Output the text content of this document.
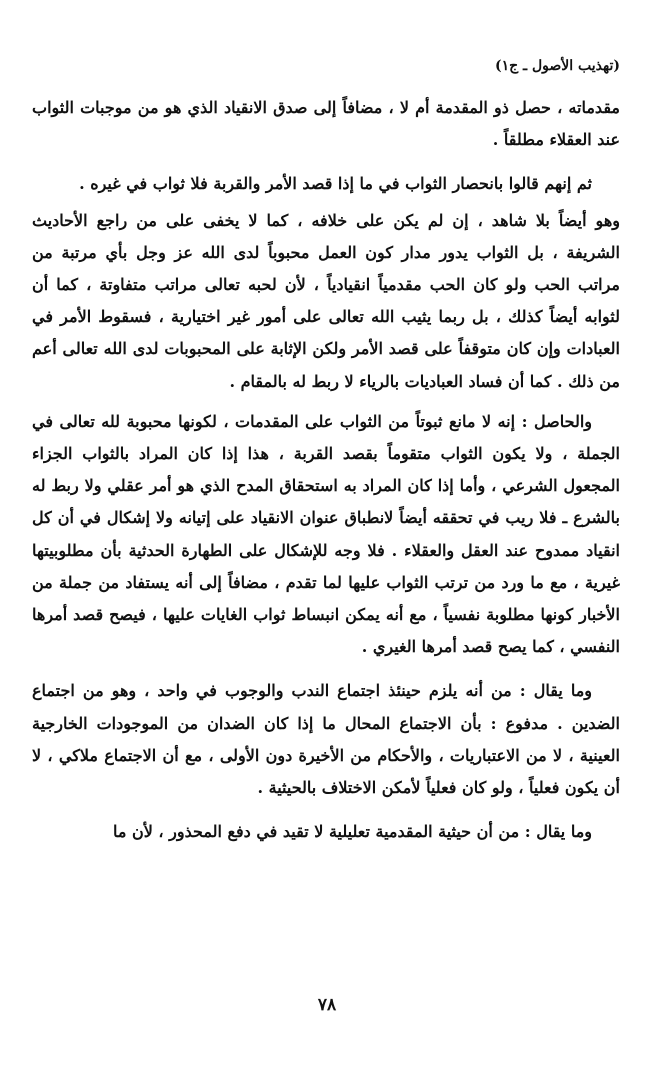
(تهذيب الأصول ـ ج١)

مقدماته ، حصل ذو المقدمة أم لا ، مضافاً إلى صدق الانقياد الذي هو من موجبات الثواب عند العقلاء مطلقاً .

ثم إنهم قالوا بانحصار الثواب في ما إذا قصد الأمر والقربة فلا ثواب في غيره .

وهو أيضاً بلا شاهد ، إن لم يكن على خلافه ، كما لا يخفى على من راجع الأحاديث الشريفة ، بل الثواب يدور مدار كون العمل محبوباً لدى الله عز وجل بأي مرتبة من مراتب الحب ولو كان الحب مقدمياً انقيادياً ، لأن لحبه تعالى مراتب متفاوتة ، كما أن لثوابه أيضاً كذلك ، بل ربما يثيب الله تعالى على أمور غير اختيارية ، فسقوط الأمر في العبادات وإن كان متوقفاً على قصد الأمر ولكن الإثابة على المحبوبات لدى الله تعالى أعم من ذلك . كما أن فساد العباديات بالرياء لا ربط له بالمقام .

والحاصل : إنه لا مانع ثبوتاً من الثواب على المقدمات ، لكونها محبوبة لله تعالى في الجملة ، ولا يكون الثواب متقوماً بقصد القربة ، هذا إذا كان المراد بالثواب الجزاء المجعول الشرعي ، وأما إذا كان المراد به استحقاق المدح الذي هو أمر عقلي ولا ربط له بالشرع ـ فلا ريب في تحققه أيضاً لانطباق عنوان الانقياد على إتيانه ولا إشكال في أن كل انقياد ممدوح عند العقل والعقلاء . فلا وجه للإشكال على الطهارة الحدثية بأن مطلوبيتها غيرية ، مع ما ورد من ترتب الثواب عليها لما تقدم ، مضافاً إلى أنه يستفاد من جملة من الأخبار كونها مطلوبة نفسياً ، مع أنه يمكن انبساط ثواب الغايات عليها ، فيصح قصد أمرها النفسي ، كما يصح قصد أمرها الغيري .

وما يقال : من أنه يلزم حينئذ اجتماع الندب والوجوب في واحد ، وهو من اجتماع الضدين . مدفوع : بأن الاجتماع المحال ما إذا كان الضدان من الموجودات الخارجية العينية ، لا من الاعتباريات ، والأحكام من الأخيرة دون الأولى ، مع أن الاجتماع ملاكي ، لا أن يكون فعلياً ، ولو كان فعلياً لأمكن الاختلاف بالحيثية .

وما يقال : من أن حيثية المقدمية تعليلية لا تقيد في دفع المحذور ، لأن ما

٧٨
